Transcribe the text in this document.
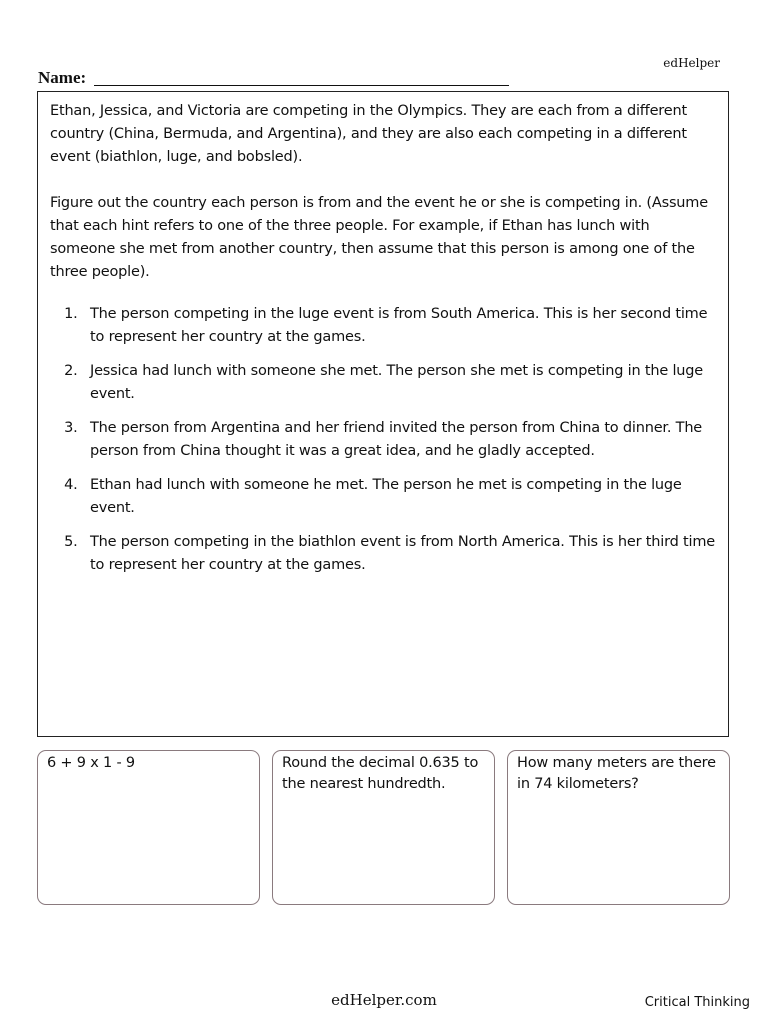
edHelper
Name:

Ethan, Jessica, and Victoria are competing in the Olympics. They are each from a different country (China, Bermuda, and Argentina), and they are also each competing in a different event (biathlon, luge, and bobsled).

Figure out the country each person is from and the event he or she is competing in. (Assume that each hint refers to one of the three people. For example, if Ethan has lunch with someone she met from another country, then assume that this person is among one of the three people).

1. The person competing in the luge event is from South America. This is her second time to represent her country at the games.
2. Jessica had lunch with someone she met. The person she met is competing in the luge event.
3. The person from Argentina and her friend invited the person from China to dinner. The person from China thought it was a great idea, and he gladly accepted.
4. Ethan had lunch with someone he met. The person he met is competing in the luge event.
5. The person competing in the biathlon event is from North America. This is her third time to represent her country at the games.
6 + 9 x 1 - 9	Round the decimal 0.635 to the nearest hundredth.
How many meters are there in 74 kilometers?
edHelper.com	Critical Thinking
